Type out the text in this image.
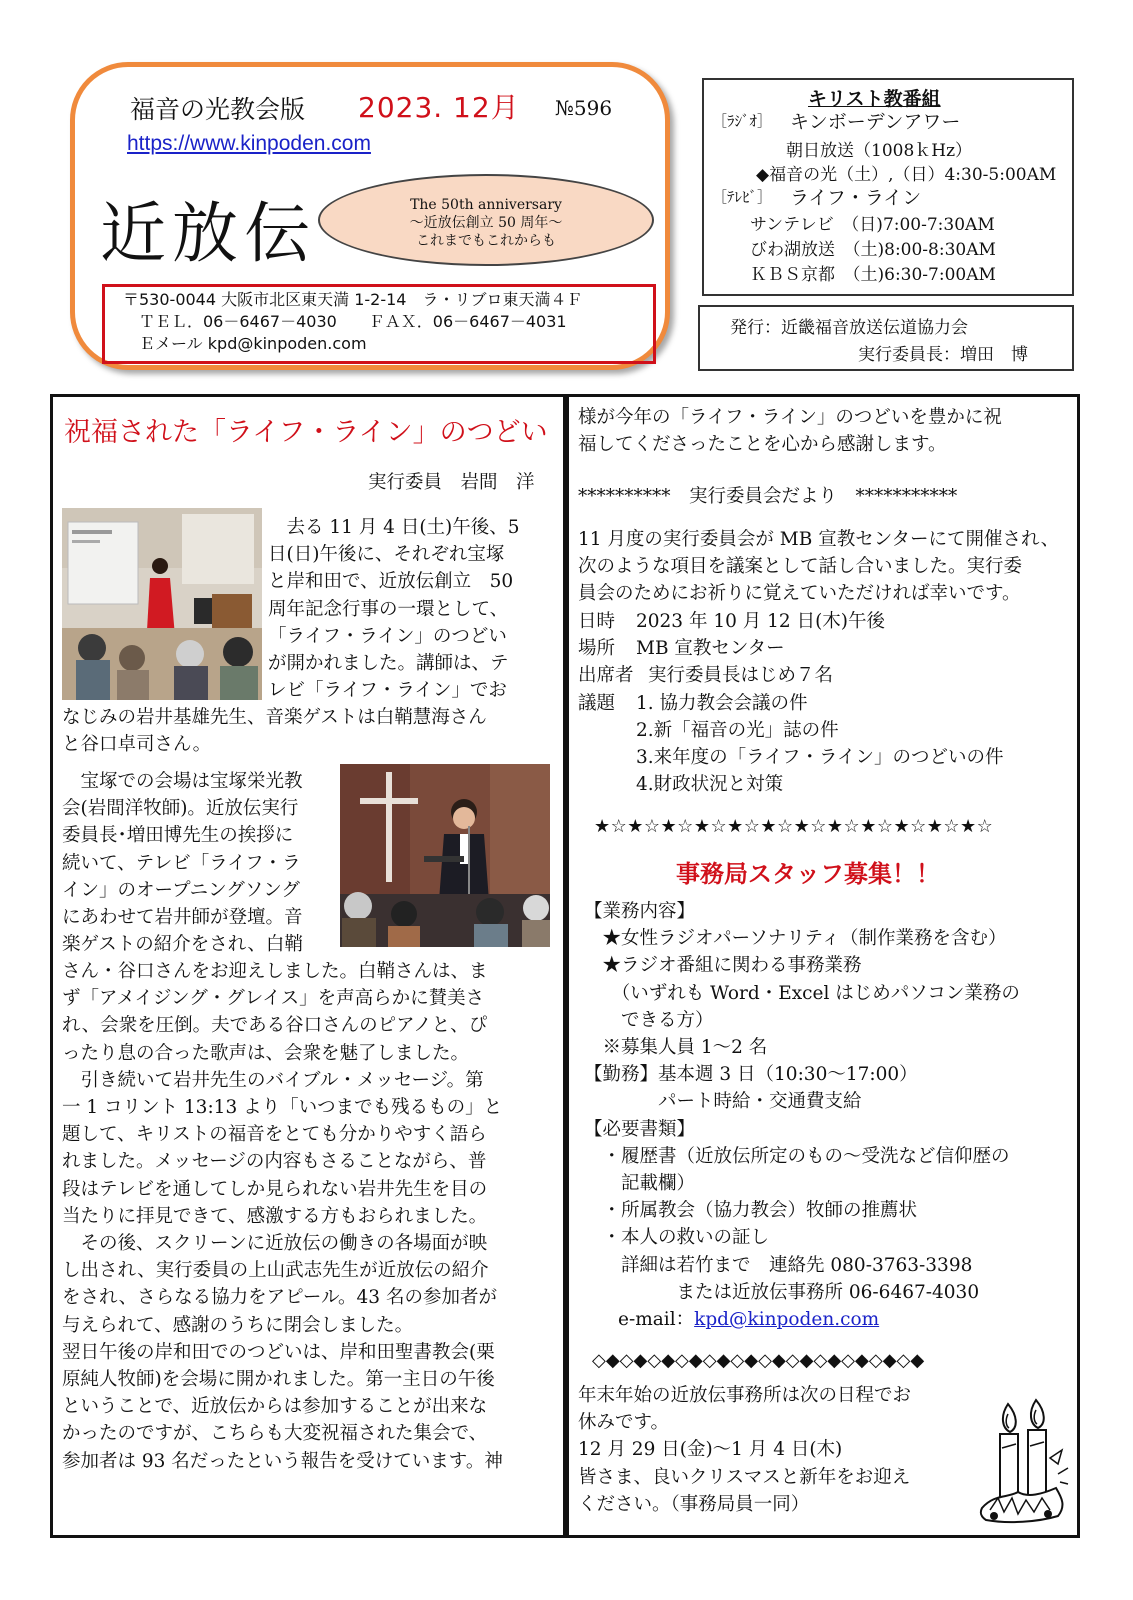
福音の光教会版 2023. 12月 №596
https://www.kinpoden.com
近放伝	The 50th anniversary
～近放伝創立 50 周年～
これまでもこれからも
〒530-0044 大阪市北区東天満 1-2-14　ラ・リブロ東天満４Ｆ
　ＴＥＬ．06－6467－4030　　ＦＡＸ．06－6467－4031
　Ｅメール kpd@kinpoden.com
キリスト教番組
［ﾗｼﾞｵ］ キンボーデンアワー
朝日放送（1008ｋHz）
◆福音の光（土）,（日）4:30-5:00AM
［ﾃﾚﾋﾞ］ ライフ・ライン
サンテレビ　（日)7:00-7:30AM
びわ湖放送　（土)8:00-8:30AM
ＫＢＳ京都　（土)6:30-7:00AM
発行：近畿福音放送伝道協力会
実行委員長：増田　博
祝福された「ライフ・ライン」のつどい
実行委員　岩間　洋
　去る 11 月 4 日(土)午後、5
日(日)午後に、それぞれ宝塚
と岸和田で、近放伝創立　50
周年記念行事の一環として、
「ライフ・ライン」のつどい
が開かれました。講師は、テ
レビ「ライフ・ライン」でお
なじみの岩井基雄先生、音楽ゲストは白鞘慧海さん
と谷口卓司さん。
　宝塚での会場は宝塚栄光教
会(岩間洋牧師)。近放伝実行
委員長･増田博先生の挨拶に
続いて、テレビ「ライフ・ラ
イン」のオープニングソング
にあわせて岩井師が登壇。音
楽ゲストの紹介をされ、白鞘
さん・谷口さんをお迎えしました。白鞘さんは、ま
ず「アメイジング・グレイス」を声高らかに賛美さ
れ、会衆を圧倒。夫である谷口さんのピアノと、ぴ
ったり息の合った歌声は、会衆を魅了しました。
　引き続いて岩井先生のバイブル・メッセージ。第
一 1 コリント 13:13 より「いつまでも残るもの」と
題して、キリストの福音をとても分かりやすく語ら
れました。メッセージの内容もさることながら、普
段はテレビを通してしか見られない岩井先生を目の
当たりに拝見できて、感激する方もおられました。
　その後、スクリーンに近放伝の働きの各場面が映
し出され、実行委員の上山武志先生が近放伝の紹介
をされ、さらなる協力をアピール。43 名の参加者が
与えられて、感謝のうちに閉会しました。
翌日午後の岸和田でのつどいは、岸和田聖書教会(栗
原純人牧師)を会場に開かれました。第一主日の午後
ということで、近放伝からは参加することが出来な
かったのですが、こちらも大変祝福された集会で、
参加者は 93 名だったという報告を受けています。神
様が今年の「ライフ・ライン」のつどいを豊かに祝
福してくださったことを心から感謝します。
**********　実行委員会だより　***********
11 月度の実行委員会が MB 宣教センターにて開催され、
次のような項目を議案として話し合いました。実行委
員会のためにお祈りに覚えていただければ幸いです。
日時 2023 年 10 月 12 日(木)午後
場所 MB 宣教センター
出席者 実行委員長はじめ７名
議題 1. 協力教会会議の件
2.新「福音の光」誌の件
3.来年度の「ライフ・ライン」のつどいの件
4.財政状況と対策
★☆★☆★☆★☆★☆★☆★☆★☆★☆★☆★☆★☆
事務局スタッフ募集！！
【業務内容】
　★女性ラジオパーソナリティ（制作業務を含む）
　★ラジオ番組に関わる事務業務
　　（いずれも Word・Excel はじめパソコン業務の
　　できる方）
　※募集人員 1～2 名
【勤務】基本週 3 日（10:30～17:00）
　　　　パート時給・交通費支給
【必要書類】
　・履歴書（近放伝所定のもの～受洗など信仰歴の
　　記載欄）
　・所属教会（協力教会）牧師の推薦状
　・本人の救いの証し
　　詳細は若竹まで　連絡先 080-3763-3398
　　　　　または近放伝事務所 06-6467-4030
e-mail：kpd@kinpoden.com
◇◆◇◆◇◆◇◆◇◆◇◆◇◆◇◆◇◆◇◆◇◆◇◆
年末年始の近放伝事務所は次の日程でお
休みです。
12 月 29 日(金)～1 月 4 日(木)
皆さま、良いクリスマスと新年をお迎え
ください。（事務局員一同）
